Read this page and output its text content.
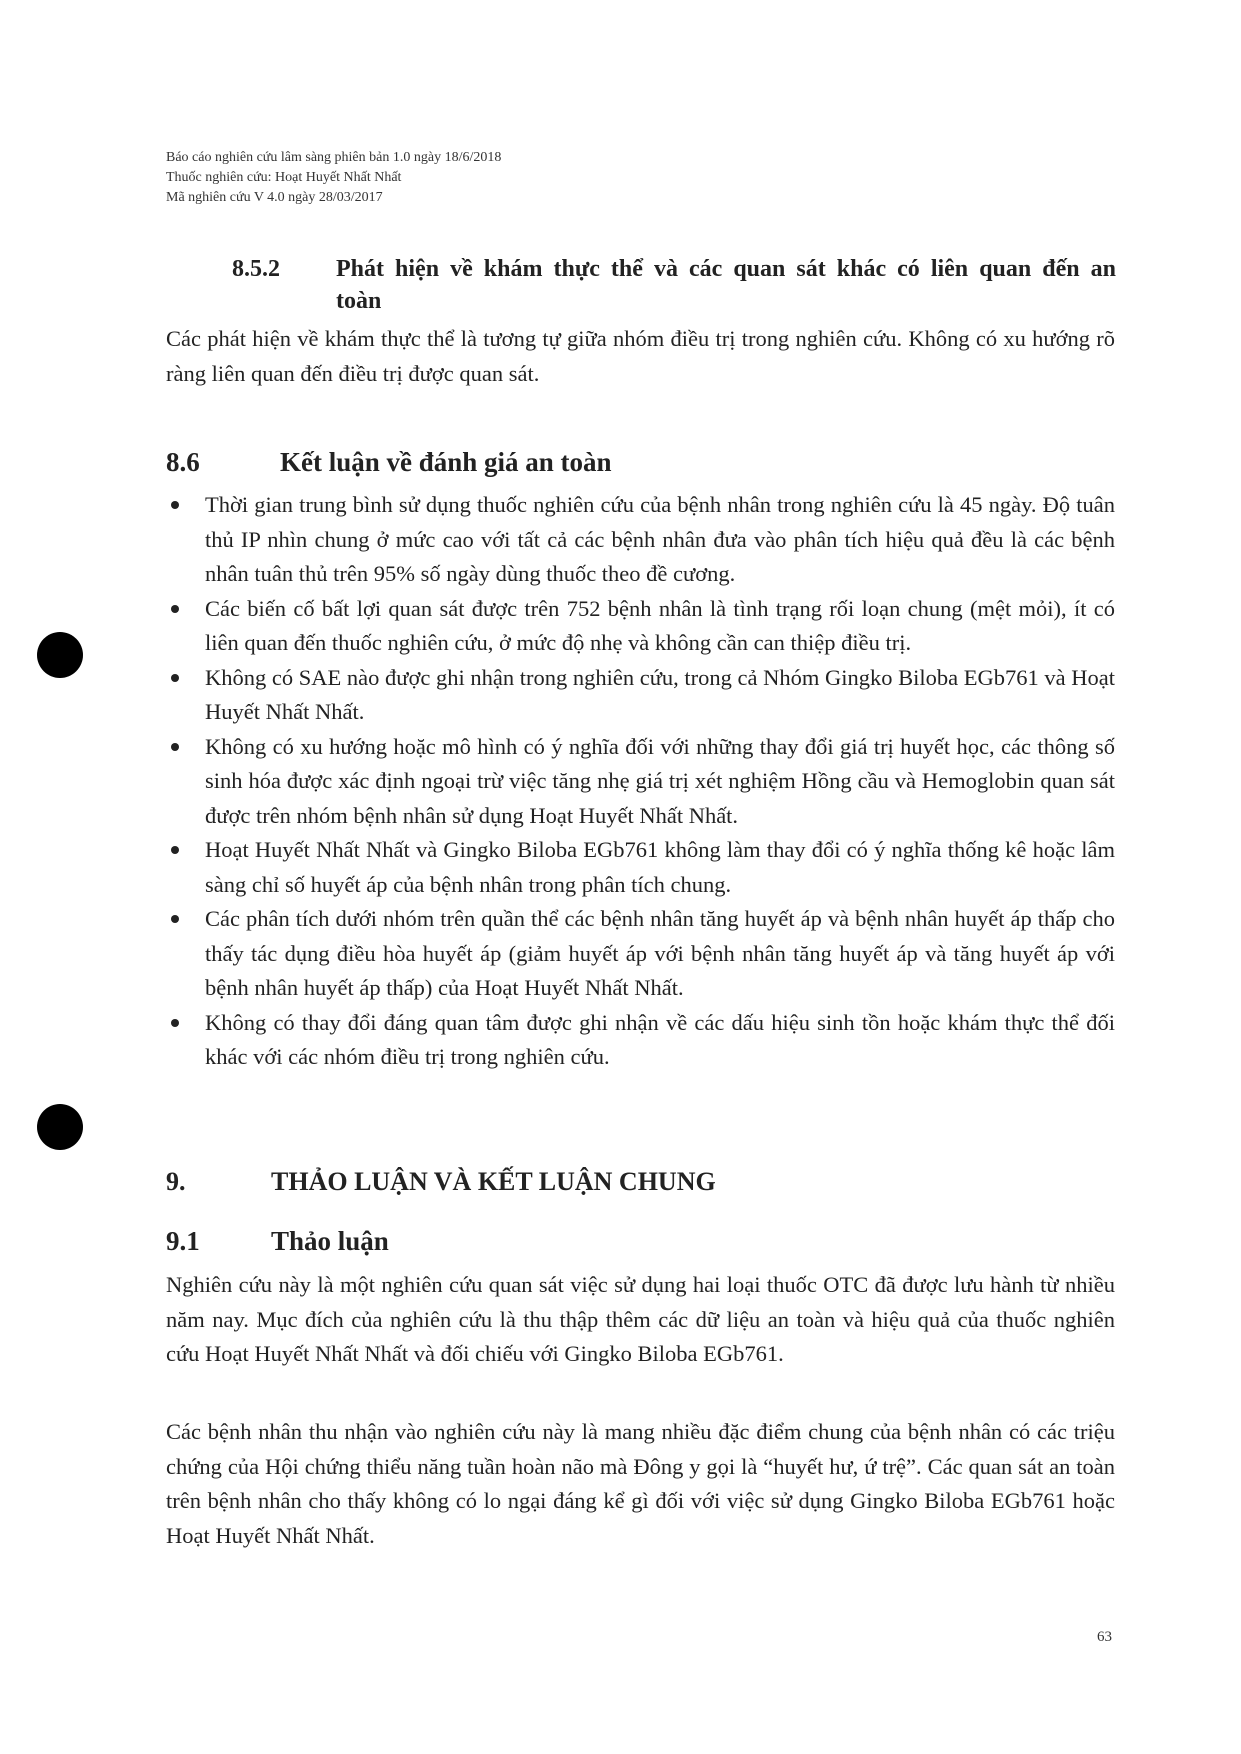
Báo cáo nghiên cứu lâm sàng phiên bản 1.0 ngày 18/6/2018
Thuốc nghiên cứu: Hoạt Huyết Nhất Nhất
Mã nghiên cứu V 4.0 ngày 28/03/2017
8.5.2 Phát hiện về khám thực thể và các quan sát khác có liên quan đến an
toàn
Các phát hiện về khám thực thể là tương tự giữa nhóm điều trị trong nghiên cứu. Không có xu hướng rõ ràng liên quan đến điều trị được quan sát.
8.6	Kết luận về đánh giá an toàn
Thời gian trung bình sử dụng thuốc nghiên cứu của bệnh nhân trong nghiên cứu là 45 ngày. Độ tuân thủ IP nhìn chung ở mức cao với tất cả các bệnh nhân đưa vào phân tích hiệu quả đều là các bệnh nhân tuân thủ trên 95% số ngày dùng thuốc theo đề cương.
Các biến cố bất lợi quan sát được trên 752 bệnh nhân là tình trạng rối loạn chung (mệt mỏi), ít có liên quan đến thuốc nghiên cứu, ở mức độ nhẹ và không cần can thiệp điều trị.
Không có SAE nào được ghi nhận trong nghiên cứu, trong cả Nhóm Gingko Biloba EGb761 và Hoạt Huyết Nhất Nhất.
Không có xu hướng hoặc mô hình có ý nghĩa đối với những thay đổi giá trị huyết học, các thông số sinh hóa được xác định ngoại trừ việc tăng nhẹ giá trị xét nghiệm Hồng cầu và Hemoglobin quan sát được trên nhóm bệnh nhân sử dụng Hoạt Huyết Nhất Nhất.
Hoạt Huyết Nhất Nhất và Gingko Biloba EGb761 không làm thay đổi có ý nghĩa thống kê hoặc lâm sàng chỉ số huyết áp của bệnh nhân trong phân tích chung.
Các phân tích dưới nhóm trên quần thể các bệnh nhân tăng huyết áp và bệnh nhân huyết áp thấp cho thấy tác dụng điều hòa huyết áp (giảm huyết áp với bệnh nhân tăng huyết áp và tăng huyết áp với bệnh nhân huyết áp thấp) của Hoạt Huyết Nhất Nhất.
Không có thay đổi đáng quan tâm được ghi nhận về các dấu hiệu sinh tồn hoặc khám thực thể đối khác với các nhóm điều trị trong nghiên cứu.
9.	THẢO LUẬN VÀ KẾT LUẬN CHUNG
9.1	Thảo luận
Nghiên cứu này là một nghiên cứu quan sát việc sử dụng hai loại thuốc OTC đã được lưu hành từ nhiều năm nay. Mục đích của nghiên cứu là thu thập thêm các dữ liệu an toàn và hiệu quả của thuốc nghiên cứu Hoạt Huyết Nhất Nhất và đối chiếu với Gingko Biloba EGb761.
Các bệnh nhân thu nhận vào nghiên cứu này là mang nhiều đặc điểm chung của bệnh nhân có các triệu chứng của Hội chứng thiểu năng tuần hoàn não mà Đông y gọi là “huyết hư, ứ trệ”. Các quan sát an toàn trên bệnh nhân cho thấy không có lo ngại đáng kể gì đối với việc sử dụng Gingko Biloba EGb761 hoặc Hoạt Huyết Nhất Nhất.
63
